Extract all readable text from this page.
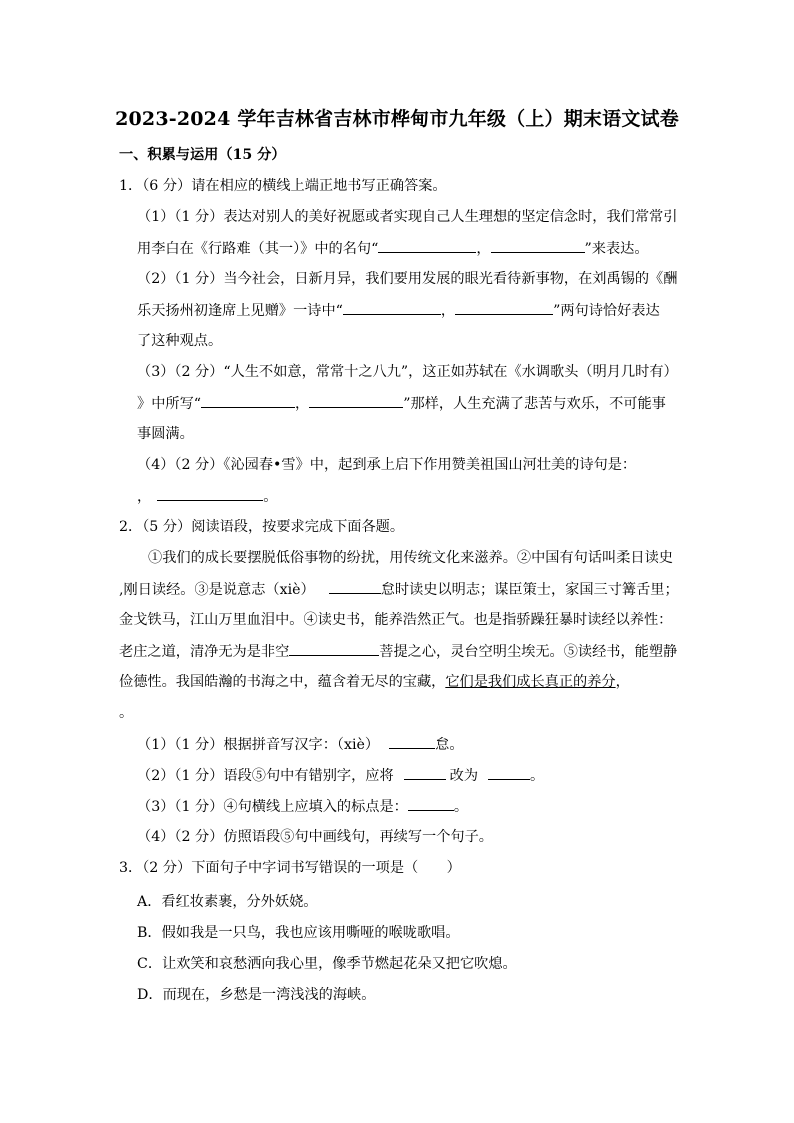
2023-2024 学年吉林省吉林市桦甸市九年级（上）期末语文试卷
一、积累与运用（15 分）
1．（6 分）请在相应的横线上端正地书写正确答案。
（1）（1 分）表达对别人的美好祝愿或者实现自己人生理想的坚定信念时，我们常常引
用李白在《行路难（其一）》中的名句“	，	”来表达。
（2）（1 分）当今社会，日新月异，我们要用发展的眼光看待新事物，在刘禹锡的《酬
乐天扬州初逢席上见赠》一诗中“	，	”两句诗恰好表达
了这种观点。
（3）（2 分）“人生不如意，常常十之八九”，这正如苏轼在《水调歌头（明月几时有）
》中所写“	，	”那样，人生充满了悲苦与欢乐，不可能事
事圆满。
（4）（2 分）《沁园春•雪》中，起到承上启下作用赞美祖国山河壮美的诗句是：
，	。
2．（5 分）阅读语段，按要求完成下面各题。
①我们的成长要摆脱低俗事物的纷扰，用传统文化来滋养。②中国有句话叫柔日读史
,刚日读经。③是说意志（xiè）	怠时读史以明志；谋臣策士，家国三寸篝舌里；
金戈铁马，江山万里血泪中。④读史书，能养浩然正气。也是指骄躁狂暴时读经以养性：
老庄之道，清净无为是非空	菩提之心，灵台空明尘埃无。⑤读经书，能塑静
俭德性。我国皓瀚的书海之中，蕴含着无尽的宝藏，它们是我们成长真正的养分，
。
（1）（1 分）根据拼音写汉字：（xiè）	怠。
（2）（1 分）语段⑤句中有错别字，应将	改为	。
（3）（1 分）④句横线上应填入的标点是：	。
（4）（2 分）仿照语段⑤句中画线句，再续写一个句子。
3．（2 分）下面句子中字词书写错误的一项是（　　）
A．看红妆素裹，分外妖娆。
B．假如我是一只鸟，我也应该用嘶哑的喉咙歌唱。
C．让欢笑和哀愁洒向我心里，像季节燃起花朵又把它吹熄。
D．而现在，乡愁是一湾浅浅的海峡。
